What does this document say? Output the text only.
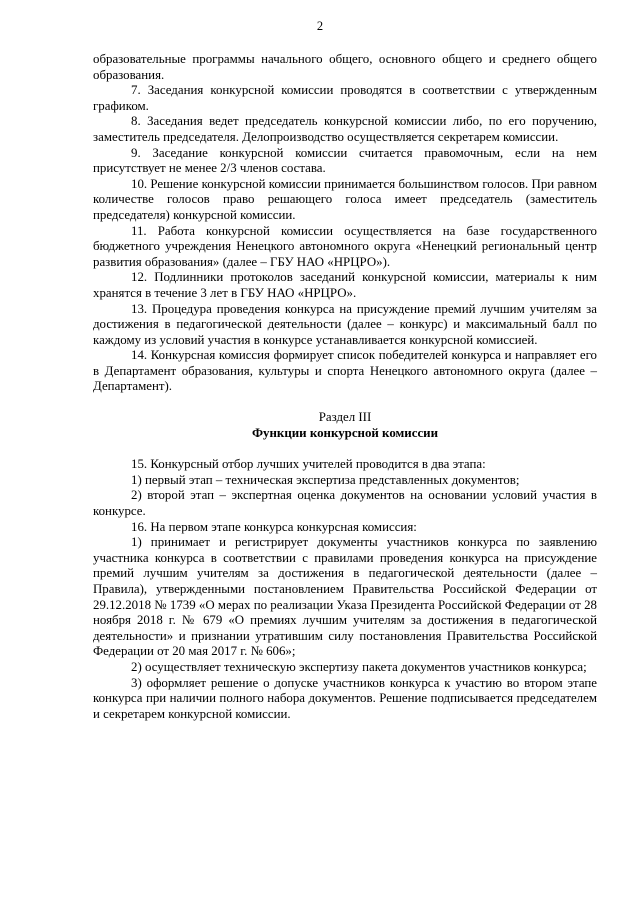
2

образовательные программы начального общего, основного общего и среднего общего образования.

7. Заседания конкурсной комиссии проводятся в соответствии с утвержденным графиком.

8. Заседания ведет председатель конкурсной комиссии либо, по его поручению, заместитель председателя. Делопроизводство осуществляется секретарем комиссии.

9. Заседание конкурсной комиссии считается правомочным, если на нем присутствует не менее 2/3 членов состава.

10. Решение конкурсной комиссии принимается большинством голосов. При равном количестве голосов право решающего голоса имеет председатель (заместитель председателя) конкурсной комиссии.

11. Работа конкурсной комиссии осуществляется на базе государственного бюджетного учреждения Ненецкого автономного округа «Ненецкий региональный центр развития образования» (далее – ГБУ НАО «НРЦРО»).

12. Подлинники протоколов заседаний конкурсной комиссии, материалы к ним хранятся в течение 3 лет в ГБУ НАО «НРЦРО».

13. Процедура проведения конкурса на присуждение премий лучшим учителям за достижения в педагогической деятельности (далее – конкурс) и максимальный балл по каждому из условий участия в конкурсе устанавливается конкурсной комиссией.

14. Конкурсная комиссия формирует список победителей конкурса и направляет его в Департамент образования, культуры и спорта Ненецкого автономного округа (далее – Департамент).

Раздел III

Функции конкурсной комиссии

15. Конкурсный отбор лучших учителей проводится в два этапа:

1) первый этап – техническая экспертиза представленных документов;

2) второй этап – экспертная оценка документов на основании условий участия в конкурсе.

16. На первом этапе конкурса конкурсная комиссия:

1) принимает и регистрирует документы участников конкурса по заявлению участника конкурса в соответствии с правилами проведения конкурса на присуждение премий лучшим учителям за достижения в педагогической деятельности (далее – Правила), утвержденными постановлением Правительства Российской Федерации от 29.12.2018 № 1739 «О мерах по реализации Указа Президента Российской Федерации от 28 ноября 2018 г. № 679 «О премиях лучшим учителям за достижения в педагогической деятельности» и признании утратившим силу постановления Правительства Российской Федерации от 20 мая 2017 г. № 606»;

2) осуществляет техническую экспертизу пакета документов участников конкурса;

3) оформляет решение о допуске участников конкурса к участию во втором этапе конкурса при наличии полного набора документов. Решение подписывается председателем и секретарем конкурсной комиссии.
